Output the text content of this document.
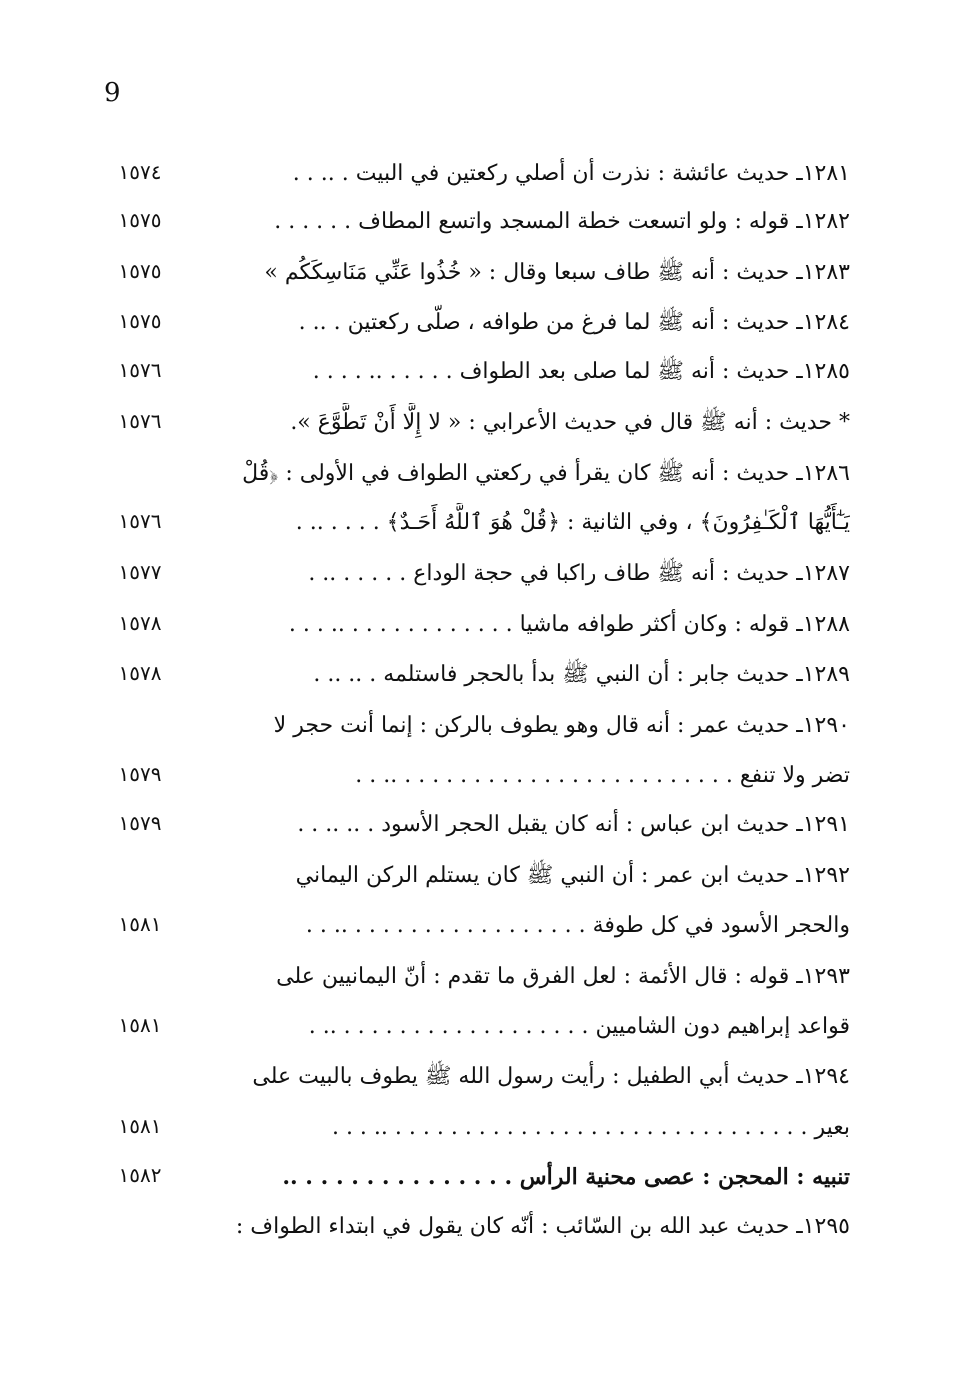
9
١٢٨١ـ حديث عائشة : نذرت أن أصلي ركعتين في البيت . .. . .
١٥٧٤
١٢٨٢ـ قوله : ولو اتسعت خطة المسجد واتسع المطاف . . . . . .
١٥٧٥
١٢٨٣ـ حديث : أنه ﷺ طاف سبعا وقال : « خُذُوا عَنِّي مَنَاسِكَكُم »
١٥٧٥
١٢٨٤ـ حديث : أنه ﷺ لما فرغ من طوافه ، صلّى ركعتين . .. .
١٥٧٥
١٢٨٥ـ حديث : أنه ﷺ لما صلى بعد الطواف . . . . . .. . . . .
١٥٧٦
* حديث : أنه ﷺ قال في حديث الأعرابي : « لا إِلَّا أَنْ تَطَّوَّعَ ».
١٥٧٦
١٢٨٦ـ حديث : أنه ﷺ كان يقرأ في ركعتي الطواف في الأولى : ﴿قُلْ
يَـٰٓأَيُّهَا ٱلْكَـٰفِرُونَ﴾ ، وفي الثانية : ﴿قُلْ هُوَ ٱللَّهُ أَحَـدٌ﴾ . . . . .. .
١٥٧٦
١٢٨٧ـ حديث : أنه ﷺ طاف راكبا في حجة الوداع . . . . . .. .
١٥٧٧
١٢٨٨ـ قوله : وكان أكثر طوافه ماشيا . . . . . . . . . . . . .. . . .
١٥٧٨
١٢٨٩ـ حديث جابر : أن النبي ﷺ بدأ بالحجر فاستلمه . .. .. .
١٥٧٨
١٢٩٠ـ حديث عمر : أنه قال وهو يطوف بالركن : إنما أنت حجر لا
تضر ولا تنفع . . . . . . . . . . . . . . . . . . . . . . . . .. . .
١٥٧٩
١٢٩١ـ حديث ابن عباس : أنه كان يقبل الحجر الأسود . .. .. . .
١٥٧٩
١٢٩٢ـ حديث ابن عمر : أن النبي ﷺ كان يستلم الركن اليماني
والحجر الأسود في كل طوفة . . . . . . . . . . . . . . . . . .. . .
١٥٨١
١٢٩٣ـ قوله : قال الأئمة : لعل الفرق ما تقدم : أنّ اليمانيين على
قواعد إبراهيم دون الشاميين . . . . . . . . . . . . . . . . . . .. .
١٥٨١
١٢٩٤ـ حديث أبي الطفيل : رأيت رسول الله ﷺ يطوف بالبيت على
بعير . . . . . . . . . . . . . . . . . . . . . . . . . . . . . . .. . . .
١٥٨١
تنبيه : المحجن : عصى محنية الرأس . . . . . . . . . . . . . . ..
١٥٨٢
١٢٩٥ـ حديث عبد الله بن السّائب : أنّه كان يقول في ابتداء الطواف :
